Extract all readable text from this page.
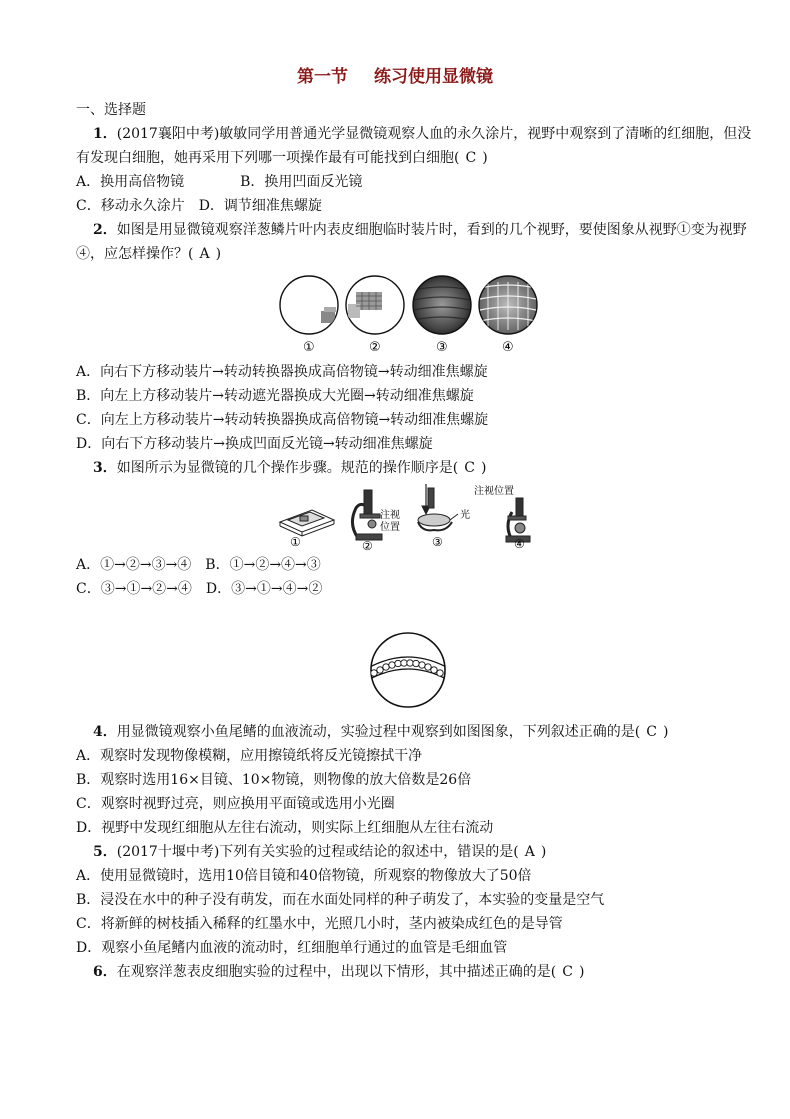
第一节 练习使用显微镜
一、选择题
1．(2017襄阳中考)敏敏同学用普通光学显微镜观察人血的永久涂片，视野中观察到了清晰的红细胞，但没
有发现白细胞，她再采用下列哪一项操作最有可能找到白细胞( C )
A．换用高倍物镜　　　　B．换用凹面反光镜
C．移动永久涂片　D．调节细准焦螺旋
2．如图是用显微镜观察洋葱鳞片叶内表皮细胞临时装片时，看到的几个视野，要使图象从视野①变为视野
④，应怎样操作？( A )
①	②	③	④
A．向右下方移动装片→转动转换器换成高倍物镜→转动细准焦螺旋
B．向左上方移动装片→转动遮光器换成大光圈→转动细准焦螺旋
C．向左上方移动装片→转动转换器换成高倍物镜→转动细准焦螺旋
D．向右下方移动装片→换成凹面反光镜→转动细准焦螺旋
3．如图所示为显微镜的几个操作步骤。规范的操作顺序是( C )
注视
位置
光
注视位置
②
①	③	④
A．①→②→③→④　B．①→②→④→③
C．③→①→②→④　D．③→①→④→②
4．用显微镜观察小鱼尾鳍的血液流动，实验过程中观察到如图图象，下列叙述正确的是( C )
A．观察时发现物像模糊，应用擦镜纸将反光镜擦拭干净
B．观察时选用16×目镜、10×物镜，则物像的放大倍数是26倍
C．观察时视野过亮，则应换用平面镜或选用小光圈
D．视野中发现红细胞从左往右流动，则实际上红细胞从左往右流动
5．(2017十堰中考)下列有关实验的过程或结论的叙述中，错误的是( A )
A．使用显微镜时，选用10倍目镜和40倍物镜，所观察的物像放大了50倍
B．浸没在水中的种子没有萌发，而在水面处同样的种子萌发了，本实验的变量是空气
C．将新鲜的树枝插入稀释的红墨水中，光照几小时，茎内被染成红色的是导管
D．观察小鱼尾鳍内血液的流动时，红细胞单行通过的血管是毛细血管
6．在观察洋葱表皮细胞实验的过程中，出现以下情形，其中描述正确的是( C )
